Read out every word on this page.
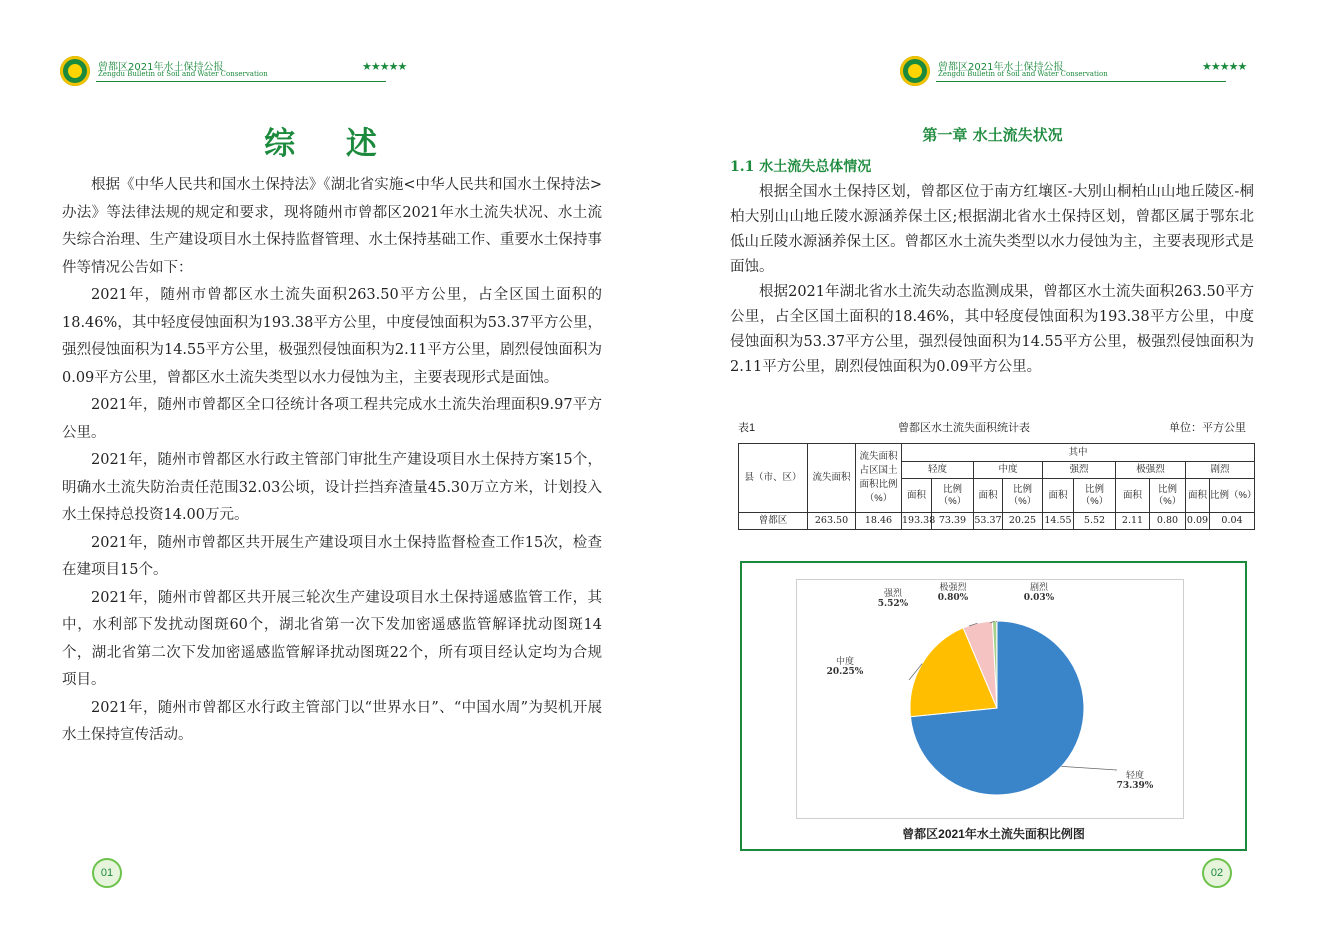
曾都区2021年水土保持公报
Zengdu Bulletin of Soil and Water Conservation
★★★★★
综 述

根据《中华人民共和国水土保持法》《湖北省实施<中华人民共和国水土保持法>办法》等法律法规的规定和要求，现将随州市曾都区2021年水土流失状况、水土流失综合治理、生产建设项目水土保持监督管理、水土保持基础工作、重要水土保持事件等情况公告如下：

2021年，随州市曾都区水土流失面积263.50平方公里，占全区国土面积的18.46%，其中轻度侵蚀面积为193.38平方公里，中度侵蚀面积为53.37平方公里，强烈侵蚀面积为14.55平方公里，极强烈侵蚀面积为2.11平方公里，剧烈侵蚀面积为0.09平方公里，曾都区水土流失类型以水力侵蚀为主，主要表现形式是面蚀。

2021年，随州市曾都区全口径统计各项工程共完成水土流失治理面积9.97平方公里。

2021年，随州市曾都区水行政主管部门审批生产建设项目水土保持方案15个，明确水土流失防治责任范围32.03公顷，设计拦挡弃渣量45.30万立方米，计划投入水土保持总投资14.00万元。

2021年，随州市曾都区共开展生产建设项目水土保持监督检查工作15次，检查在建项目15个。

2021年，随州市曾都区共开展三轮次生产建设项目水土保持遥感监管工作，其中，水利部下发扰动图斑60个，湖北省第一次下发加密遥感监管解译扰动图斑14个，湖北省第二次下发加密遥感监管解译扰动图斑22个，所有项目经认定均为合规项目。

2021年，随州市曾都区水行政主管部门以“世界水日”、“中国水周”为契机开展水土保持宣传活动。

01
曾都区2021年水土保持公报
Zengdu Bulletin of Soil and Water Conservation
★★★★★
第一章 水土流失状况
1.1 水土流失总体情况

根据全国水土保持区划，曾都区位于南方红壤区-大别山桐柏山山地丘陵区-桐柏大别山山地丘陵水源涵养保土区;根据湖北省水土保持区划，曾都区属于鄂东北低山丘陵水源涵养保土区。曾都区水土流失类型以水力侵蚀为主，主要表现形式是面蚀。

根据2021年湖北省水土流失动态监测成果，曾都区水土流失面积263.50平方公里，占全区国土面积的18.46%，其中轻度侵蚀面积为193.38平方公里，中度侵蚀面积为53.37平方公里，强烈侵蚀面积为14.55平方公里，极强烈侵蚀面积为2.11平方公里，剧烈侵蚀面积为0.09平方公里。

表1	曾都区水土流失面积统计表	单位：平方公里
县（市、区）	流失面积	流失面积占区国土面积比例（%）	其中									
			轻度		中度		强烈		极强烈		剧烈	
			面积	比例（%）	面积	比例（%）	面积	比例（%）	面积	比例（%）	面积	比例（%）
曾都区	263.50	18.46	193.38	73.39	53.37	20.25	14.55	5.52	2.11	0.80	0.09	0.04
轻度
73.39%
中度
20.25%
强烈
5.52%
极强烈
0.80%
剧烈
0.03%
曾都区2021年水土流失面积比例图
02
